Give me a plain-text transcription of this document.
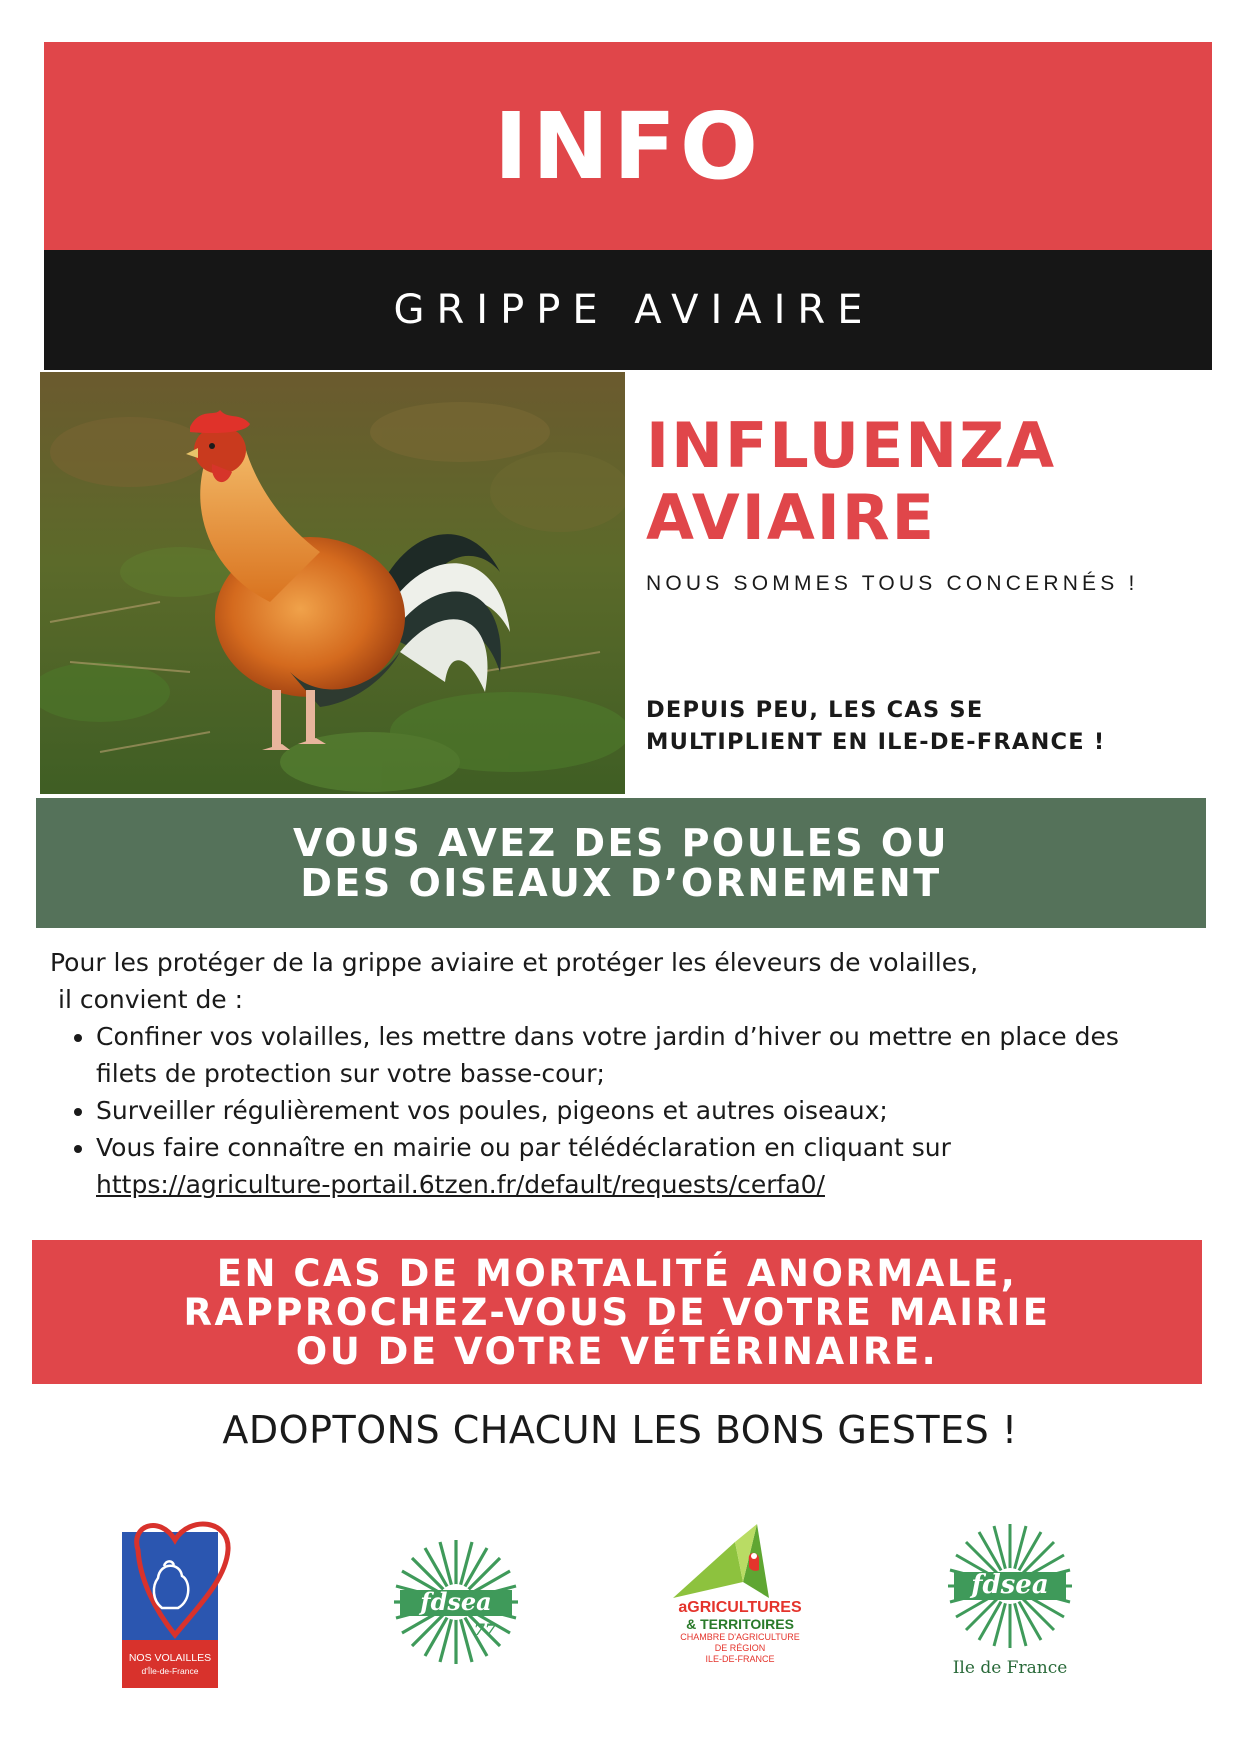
INFO
GRIPPE AVIAIRE
INFLUENZA
AVIAIRE
NOUS SOMMES TOUS CONCERNÉS !
DEPUIS PEU, LES CAS SE
MULTIPLIENT EN ILE-DE-FRANCE !
VOUS AVEZ DES POULES OU
DES OISEAUX D’ORNEMENT

Pour les protéger de la grippe aviaire et protéger les éleveurs de volailles,

il convient de :

• Confiner vos volailles, les mettre dans votre jardin d’hiver ou mettre en place des
filets de protection sur votre basse-cour;
• Surveiller régulièrement vos poules, pigeons et autres oiseaux;
• Vous faire connaître en mairie ou par télédéclaration en cliquant sur
https://agriculture-portail.6tzen.fr/default/requests/cerfa0/
EN CAS DE MORTALITÉ ANORMALE,
RAPPROCHEZ-VOUS DE VOTRE MAIRIE
OU DE VOTRE VÉTÉRINAIRE.
ADOPTONS CHACUN LES BONS GESTES !
NOS VOLAILLES
d'Île-de-France
fdsea
77
aGRICULTURES
& TERRITOIRES
CHAMBRE D'AGRICULTURE
DE RÉGION
ILE-DE-FRANCE
fdsea
Ile de France
